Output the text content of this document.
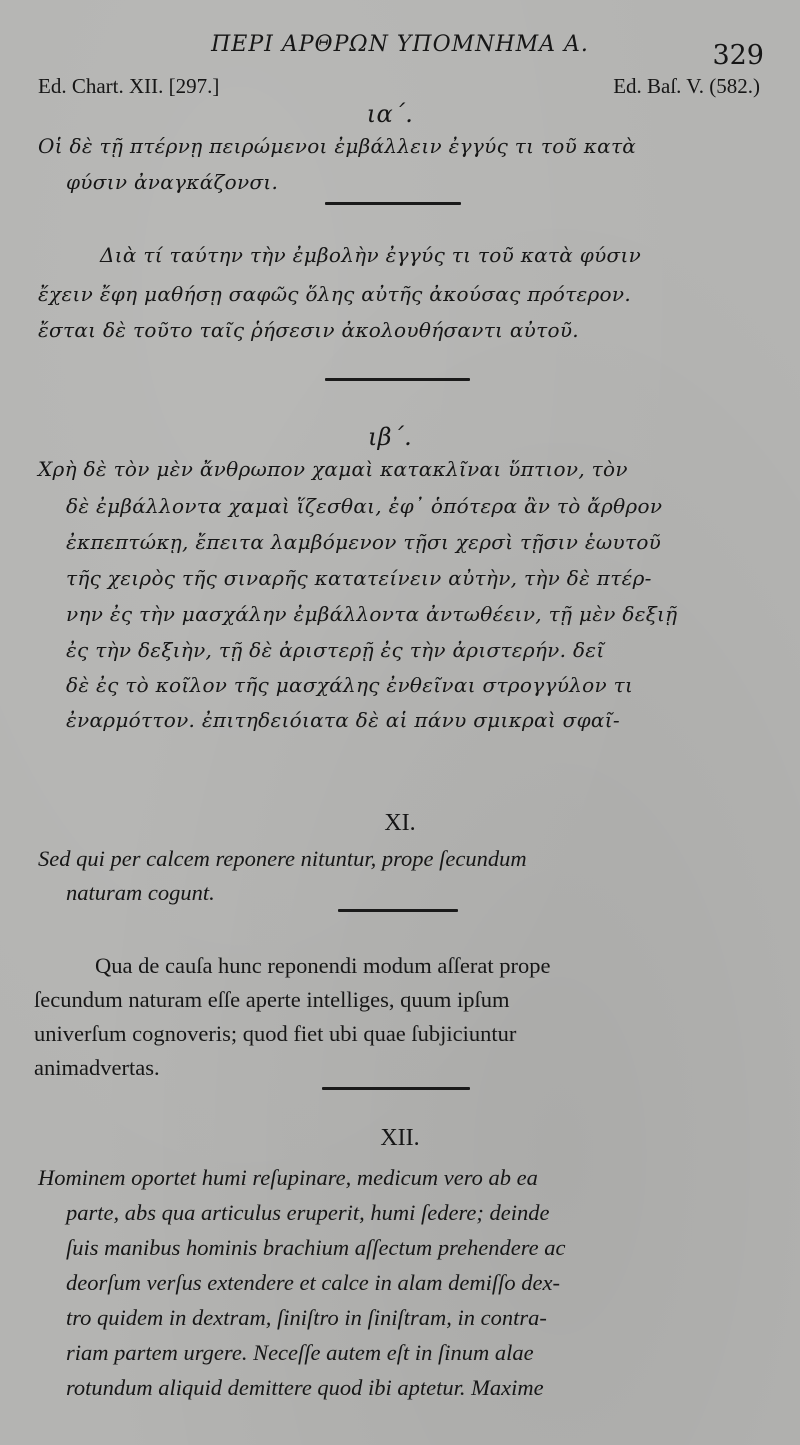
ΠΕΡΙ ΑΡΘΡΩΝ ΥΠΟΜΝΗΜΑ Α.	329
Ed. Chart. XII. [297.]	Ed. Baſ. V. (582.)
ια΄.
Οἱ δὲ τῇ πτέρνῃ πειρώμενοι ἐμβάλλειν ἐγγύς τι τοῦ κατὰ
φύσιν ἀναγκάζονσι.
Διὰ τί ταύτην τὴν ἐμβολὴν ἐγγύς τι τοῦ κατὰ φύσιν
ἔχειν ἔφη μαθήσῃ σαφῶς ὅλης αὐτῆς ἀκούσας πρότερον.
ἔσται δὲ τοῦτο ταῖς ῥήσεσιν ἀκολουθήσαντι αὐτοῦ.
ιβ΄.
Χρὴ δὲ τὸν μὲν ἄνθρωπον χαμαὶ κατακλῖναι ὕπτιον, τὸν
δὲ ἐμβάλλοντα χαμαὶ ἵζεσθαι, ἐφ᾽ ὁπότερα ἂν τὸ ἄρθρον
ἐκπεπτώκῃ, ἔπειτα λαμβόμενον τῇσι χερσὶ τῇσιν ἑωυτοῦ
τῆς χειρὸς τῆς σιναρῆς κατατείνειν αὐτὴν, τὴν δὲ πτέρ-
νην ἐς τὴν μασχάλην ἐμβάλλοντα ἀντωθέειν, τῇ μὲν δεξιῇ
ἐς τὴν δεξιὴν, τῇ δὲ ἀριστερῇ ἐς τὴν ἀριστερήν. δεῖ
δὲ ἐς τὸ κοῖλον τῆς μασχάλης ἐνθεῖναι στρογγύλον τι
ἐναρμόττον. ἐπιτηδειόιατα δὲ αἱ πάνυ σμικραὶ σφαῖ-
XI.
Sed qui per calcem reponere nituntur, prope ſecundum
naturam cogunt.
Qua de cauſa hunc reponendi modum aſſerat prope
ſecundum naturam eſſe aperte intelliges, quum ipſum
univerſum cognoveris; quod fiet ubi quae ſubjiciuntur
animadvertas.
XII.
Hominem oportet humi reſupinare, medicum vero ab ea
parte, abs qua articulus eruperit, humi ſedere; deinde
ſuis manibus hominis brachium aſſectum prehendere ac
deorſum verſus extendere et calce in alam demiſſo dex-
tro quidem in dextram, ſiniſtro in ſiniſtram, in contra-
riam partem urgere. Neceſſe autem eſt in ſinum alae
rotundum aliquid demittere quod ibi aptetur. Maxime
